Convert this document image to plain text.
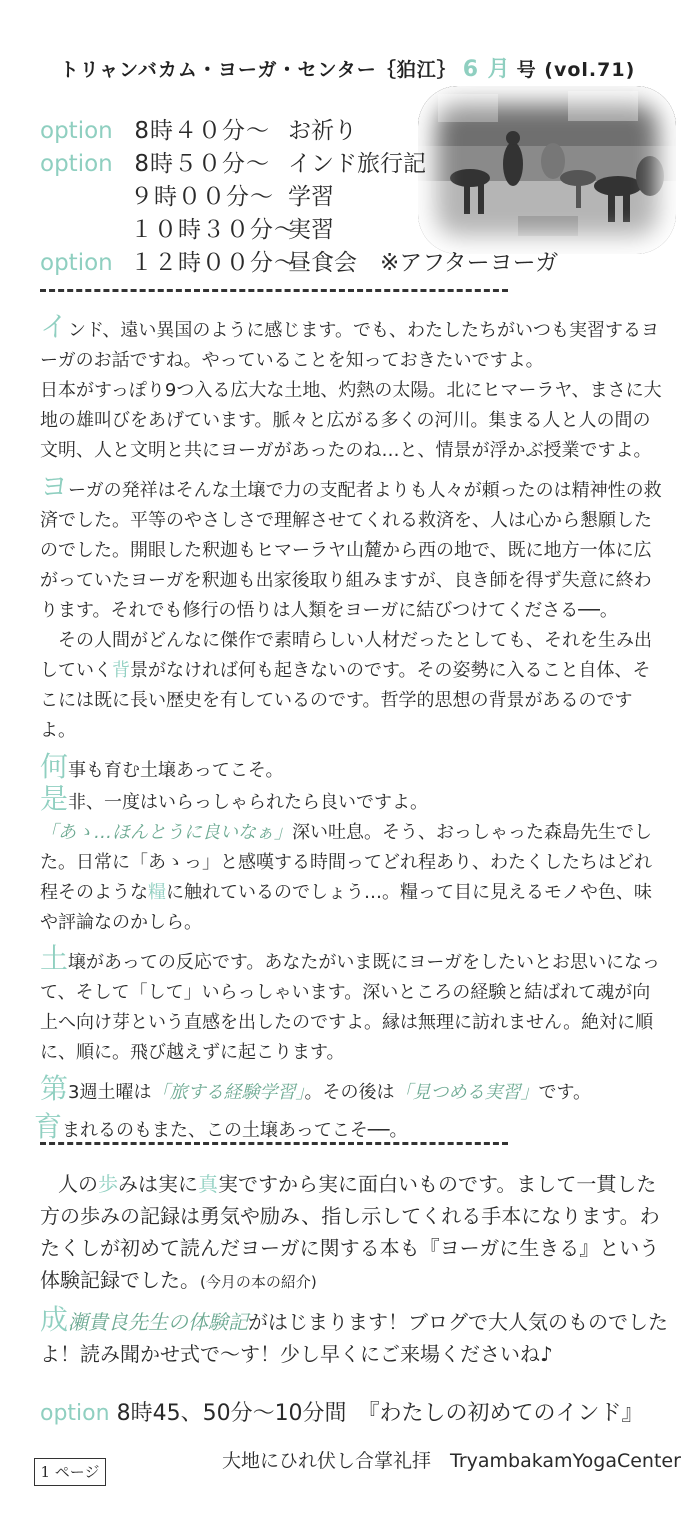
トリャンバカム・ヨーガ・センター｛狛江｝ 6 月 号 (vol.71)
option 8時４０分～ お祈り
option 8時５０分～ インド旅行記
９時００分～ 学習
１０時３０分～実習
option １２時００分～昼食会　※アフターヨーガ

インド、遠い異国のように感じます。でも、わたしたちがいつも実習するヨーガのお話ですね。やっていることを知っておきたいですよ。

日本がすっぽり9つ入る広大な土地、灼熱の太陽。北にヒマーラヤ、まさに大地の雄叫びをあげています。脈々と広がる多くの河川。集まる人と人の間の文明、人と文明と共にヨーガがあったのね…と、情景が浮かぶ授業ですよ。

ヨーガの発祥はそんな土壌で力の支配者よりも人々が頼ったのは精神性の救済でした。平等のやさしさで理解させてくれる救済を、人は心から懇願したのでした。開眼した釈迦もヒマーラヤ山麓から西の地で、既に地方一体に広がっていたヨーガを釈迦も出家後取り組みますが、良き師を得ず失意に終わります。それでも修行の悟りは人類をヨーガに結びつけてくださる──。

その人間がどんなに傑作で素晴らしい人材だったとしても、それを生み出していく背景がなければ何も起きないのです。その姿勢に入ること自体、そこには既に長い歴史を有しているのです。哲学的思想の背景があるのですよ。

何事も育む土壌あってこそ。

是非、一度はいらっしゃられたら良いですよ。「あゝ…ほんとうに良いなぁ」深い吐息。そう、おっしゃった森島先生でした。日常に「あゝっ」と感嘆する時間ってどれ程あり、わたくしたちはどれ程そのような糧に触れているのでしょう…。糧って目に見えるモノや色、味や評論なのかしら。

土壌があっての反応です。あなたがいま既にヨーガをしたいとお思いになって、そして「して」いらっしゃいます。深いところの経験と結ばれて魂が向上へ向け芽という直感を出したのですよ。縁は無理に訪れません。絶対に順に、順に。飛び越えずに起こります。

第3週土曜は「旅する経験学習」。その後は「見つめる実習」です。

育まれるのもまた、この土壌あってこそ──。

人の歩みは実に真実ですから実に面白いものです。まして一貫した方の歩みの記録は勇気や励み、指し示してくれる手本になります。わたくしが初めて読んだヨーガに関する本も『ヨーガに生きる』という体験記録でした。(今月の本の紹介)

成瀬貴良先生の体験記がはじまります！ブログで大人気のものでしたよ！読み聞かせ式で～す！少し早くにご来場くださいね♪

option 8時45、50分～10分間　『わたしの初めてのインド』
1 ページ	大地にひれ伏し合掌礼拝　TryambakamYogaCenter
